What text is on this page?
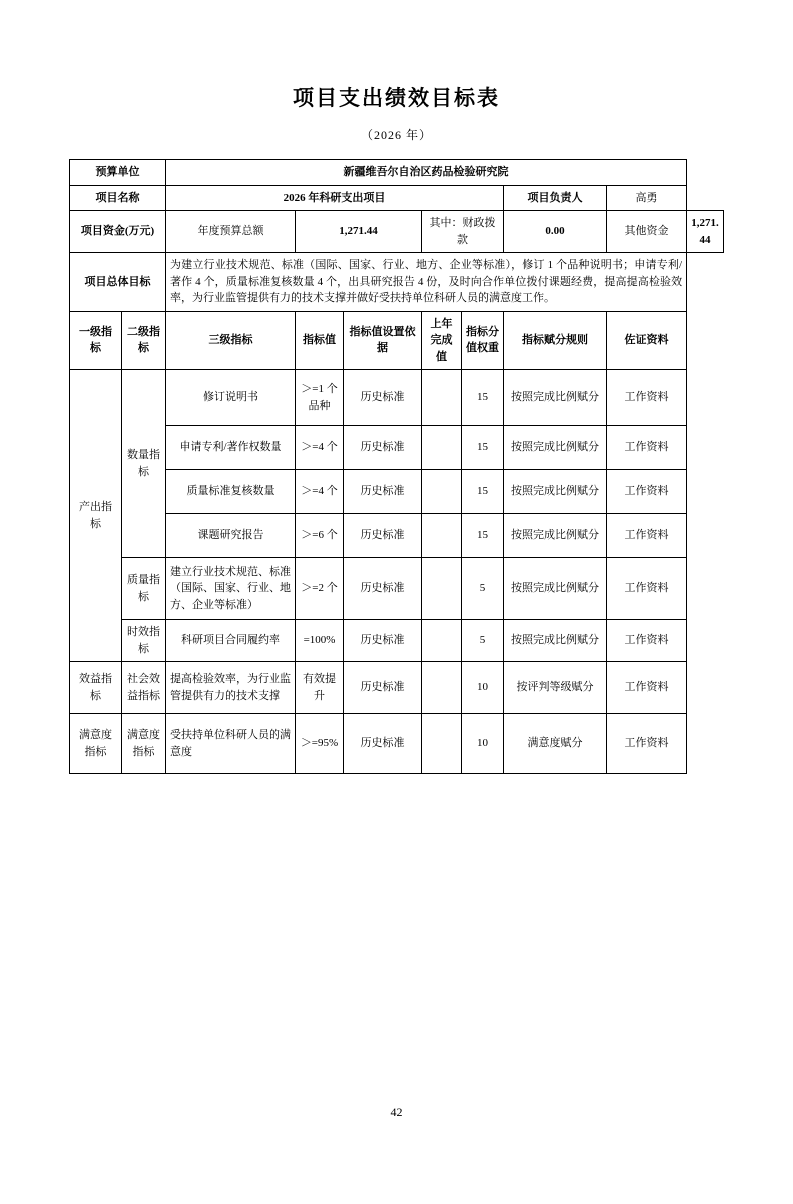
项目支出绩效目标表
（2026 年）
预算单位		新疆维吾尔自治区药品检验研究院							
项目名称		2026 年科研支出项目					项目负责人	高勇	
项目资金(万元)		年度预算总额	1,271.44		其中：财政拨款		0.00	其他资金	1,271.44
项目总体目标		为建立行业技术规范、标准（国际、国家、行业、地方、企业等标准），修订 1 个品种说明书；申请专利/著作 4 个，质量标准复核数量 4 个，出具研究报告 4 份，及时向合作单位拨付课题经费，提高提高检验效率，为行业监管提供有力的技术支撑并做好受扶持单位科研人员的满意度工作。							
一级指标	二级指标	三级指标	指标值	指标值设置依据	上年完成值	指标分值权重	指标赋分规则	佐证资料	
产出指标	数量指标	修订说明书	＞=1 个品种	历史标准		15	按照完成比例赋分	工作资料	
		申请专利/著作权数量	＞=4 个	历史标准		15	按照完成比例赋分	工作资料	
		质量标准复核数量	＞=4 个	历史标准		15	按照完成比例赋分	工作资料	
		课题研究报告	＞=6 个	历史标准		15	按照完成比例赋分	工作资料	
	质量指标	建立行业技术规范、标准（国际、国家、行业、地方、企业等标准）	＞=2 个	历史标准		5	按照完成比例赋分	工作资料	
	时效指标	科研项目合同履约率	=100%	历史标准		5	按照完成比例赋分	工作资料	
效益指标	社会效益指标	提高检验效率，为行业监管提供有力的技术支撑	有效提升	历史标准		10	按评判等级赋分	工作资料	
满意度指标	满意度指标	受扶持单位科研人员的满意度	＞=95%	历史标准		10	满意度赋分	工作资料	
42
